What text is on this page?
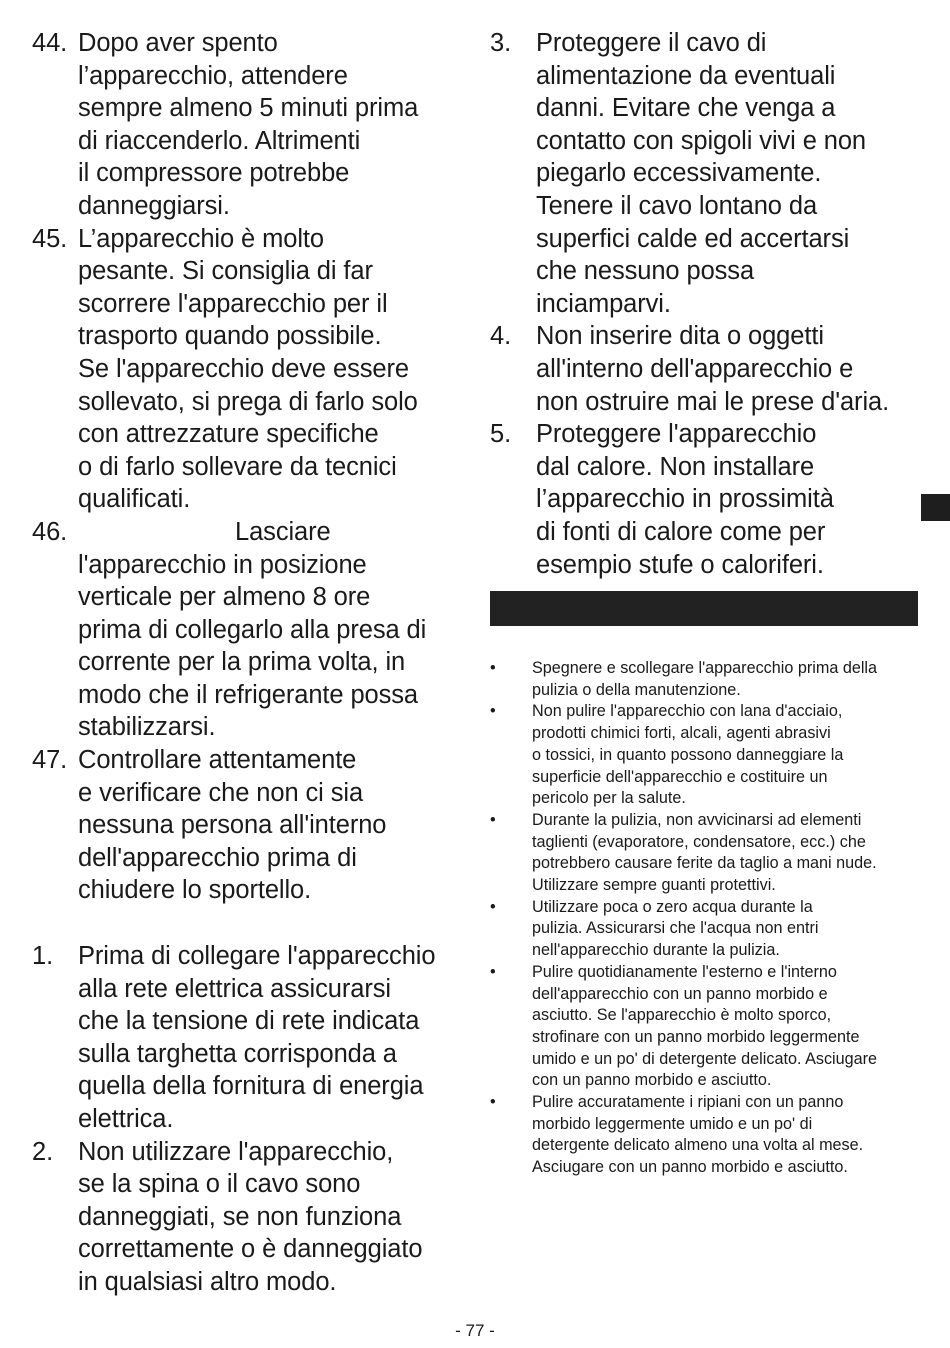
44. Dopo aver spento
l’apparecchio, attendere
sempre almeno 5 minuti prima
di riaccenderlo. Altrimenti
il compressore potrebbe
danneggiarsi.
45. L’apparecchio è molto
pesante. Si consiglia di far
scorrere l'apparecchio per il
trasporto quando possibile.
Se l'apparecchio deve essere
sollevato, si prega di farlo solo
con attrezzature specifiche
o di farlo sollevare da tecnici
qualificati.
46.	Lasciare
l'apparecchio in posizione
verticale per almeno 8 ore
prima di collegarlo alla presa di
corrente per la prima volta, in
modo che il refrigerante possa
stabilizzarsi.
47. Controllare attentamente
e verificare che non ci sia
nessuna persona all'interno
dell'apparecchio prima di
chiudere lo sportello.
1. Prima di collegare l'apparecchio
alla rete elettrica assicurarsi
che la tensione di rete indicata
sulla targhetta corrisponda a
quella della fornitura di energia
elettrica.
2. Non utilizzare l'apparecchio,
se la spina o il cavo sono
danneggiati, se non funziona
correttamente o è danneggiato
in qualsiasi altro modo.
3. Proteggere il cavo di
alimentazione da eventuali
danni. Evitare che venga a
contatto con spigoli vivi e non
piegarlo eccessivamente.
Tenere il cavo lontano da
superfici calde ed accertarsi
che nessuno possa
inciamparvi.
4. Non inserire dita o oggetti
all'interno dell'apparecchio e
non ostruire mai le prese d'aria.
5. Proteggere l'apparecchio
dal calore. Non installare
l’apparecchio in prossimità
di fonti di calore come per
esempio stufe o caloriferi.
• Spegnere e scollegare l'apparecchio prima della
pulizia o della manutenzione.
• Non pulire l'apparecchio con lana d'acciaio,
prodotti chimici forti, alcali, agenti abrasivi
o tossici, in quanto possono danneggiare la
superficie dell'apparecchio e costituire un
pericolo per la salute.
• Durante la pulizia, non avvicinarsi ad elementi
taglienti (evaporatore, condensatore, ecc.) che
potrebbero causare ferite da taglio a mani nude.
Utilizzare sempre guanti protettivi.
• Utilizzare poca o zero acqua durante la
pulizia. Assicurarsi che l'acqua non entri
nell'apparecchio durante la pulizia.
• Pulire quotidianamente l'esterno e l'interno
dell'apparecchio con un panno morbido e
asciutto. Se l'apparecchio è molto sporco,
strofinare con un panno morbido leggermente
umido e un po' di detergente delicato. Asciugare
con un panno morbido e asciutto.
• Pulire accuratamente i ripiani con un panno
morbido leggermente umido e un po' di
detergente delicato almeno una volta al mese.
Asciugare con un panno morbido e asciutto.
- 77 -
